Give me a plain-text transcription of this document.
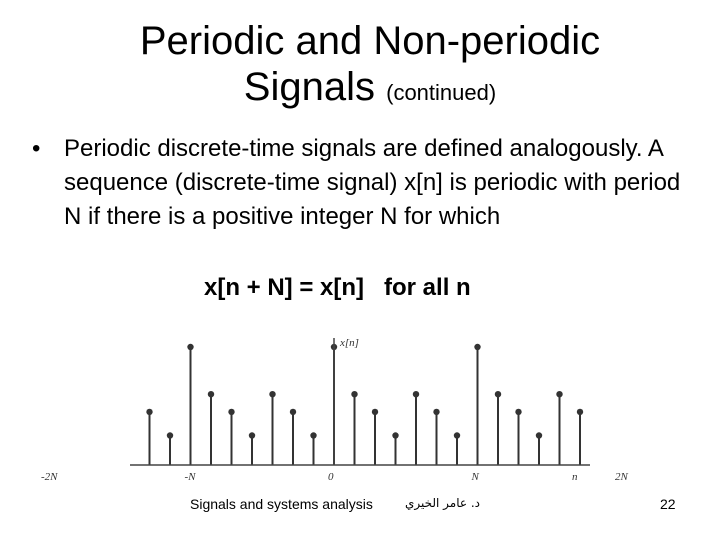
Periodic and Non-periodic
Signals (continued)
• Periodic discrete-time signals are defined analogously. A sequence (discrete-time signal) x[n] is periodic with period N if there is a positive integer N for which
x[n + N] = x[n]   for all n
x[n]
n
-2N	-N	0	N	2N
Signals and systems analysis	د. عامر الخيري	22
